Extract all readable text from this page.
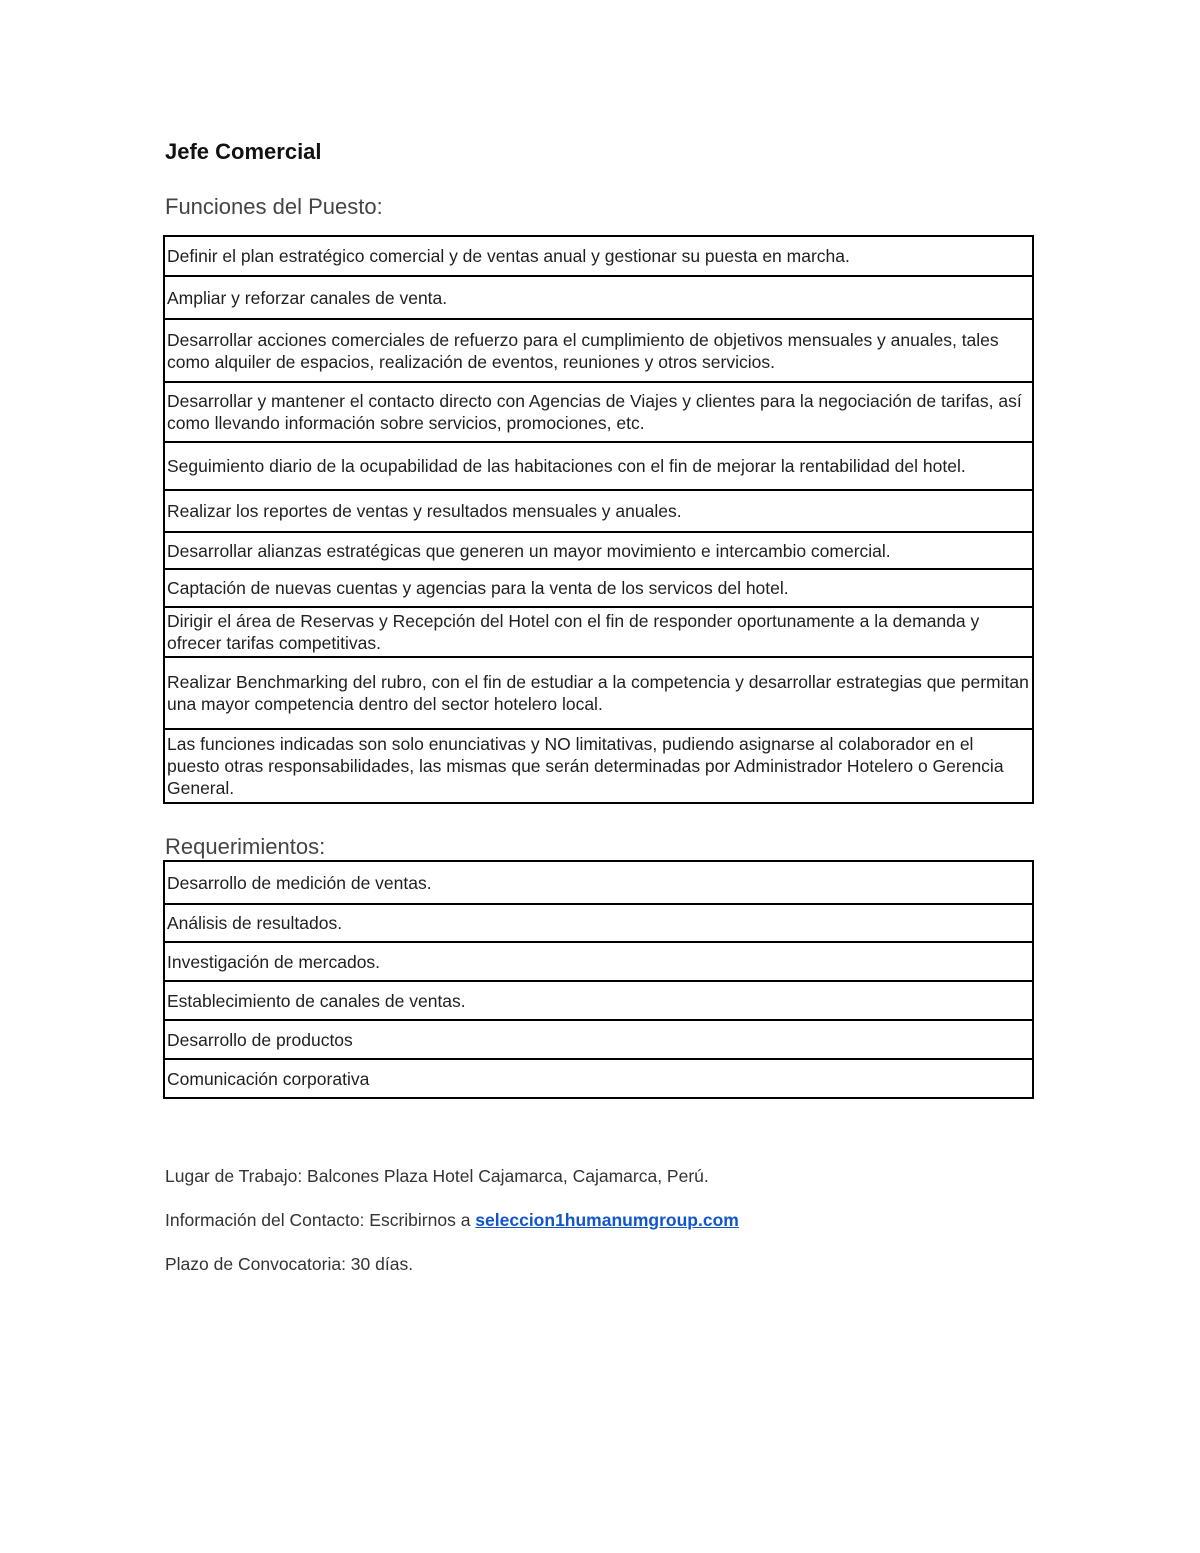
Jefe Comercial
Funciones del Puesto:
Definir el plan estratégico comercial y de ventas anual y gestionar su puesta en marcha.
Ampliar y reforzar canales de venta.
Desarrollar acciones comerciales de refuerzo para el cumplimiento de objetivos mensuales y anuales, tales como alquiler de espacios, realización de eventos, reuniones y otros servicios.
Desarrollar y mantener el contacto directo con Agencias de Viajes y clientes para la negociación de tarifas, así como llevando información sobre servicios, promociones, etc.
Seguimiento diario de la ocupabilidad de las habitaciones con el fin de mejorar la rentabilidad del hotel.
Realizar los reportes de ventas y resultados mensuales y anuales.
Desarrollar alianzas estratégicas que generen un mayor movimiento e intercambio comercial.
Captación de nuevas cuentas y agencias para la venta de los servicos del hotel.
Dirigir el área de Reservas y Recepción del Hotel con el fin de responder oportunamente a la demanda y ofrecer tarifas competitivas.
Realizar Benchmarking del rubro, con el fin de estudiar a la competencia y desarrollar estrategias que permitan una mayor competencia dentro del sector hotelero local.
Las funciones indicadas son solo enunciativas y NO limitativas, pudiendo asignarse al colaborador en el puesto otras responsabilidades, las mismas que serán determinadas por Administrador Hotelero o Gerencia General.
Requerimientos:
Desarrollo de medición de ventas.
Análisis de resultados.
Investigación de mercados.
Establecimiento de canales de ventas.
Desarrollo de productos
Comunicación corporativa

Lugar de Trabajo: Balcones Plaza Hotel Cajamarca, Cajamarca, Perú.

Información del Contacto: Escribirnos a seleccion1humanumgroup.com

Plazo de Convocatoria: 30 días.
